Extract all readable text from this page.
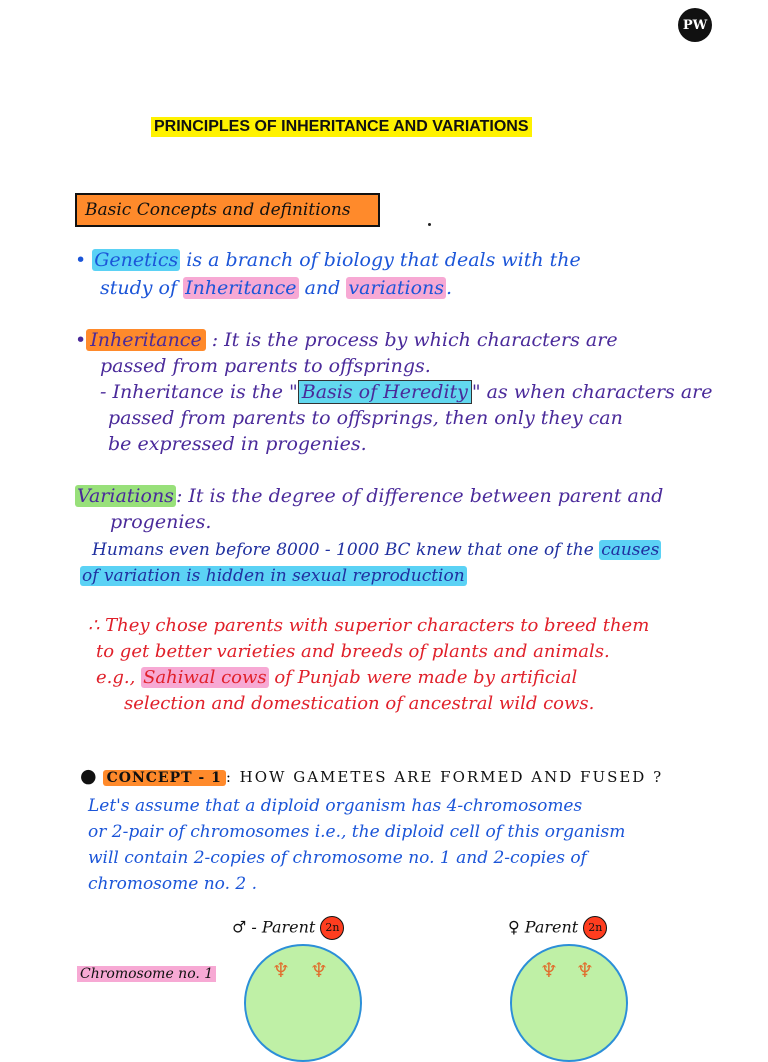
PW
PRINCIPLES OF INHERITANCE AND VARIATIONS
Basic Concepts and definitions
• Genetics is a branch of biology that deals with the
study of Inheritance and variations .
• Inheritance : It is the process by which characters are
passed from parents to offsprings.
- Inheritance is the " Basis of Heredity " as when characters are
passed from parents to offsprings, then only they can
be expressed in progenies.
Variations : It is the degree of difference between parent and
progenies.
Humans even before 8000 - 1000 BC knew that one of the causes
of variation is hidden in sexual reproduction
∴ They chose parents with superior characters to breed them
to get better varieties and breeds of plants and animals.
e.g., Sahiwal cows of Punjab were made by artificial
selection and domestication of ancestral wild cows.
● CONCEPT - 1 : HOW GAMETES ARE FORMED AND FUSED ?
Let's assume that a diploid organism has 4-chromosomes
or 2-pair of chromosomes i.e., the diploid cell of this organism
will contain 2-copies of chromosome no. 1 and 2-copies of
chromosome no. 2 .
♂ - Parent 2n	♀ Parent 2n
♆ ♆	♆ ♆
Chromosome no. 1
